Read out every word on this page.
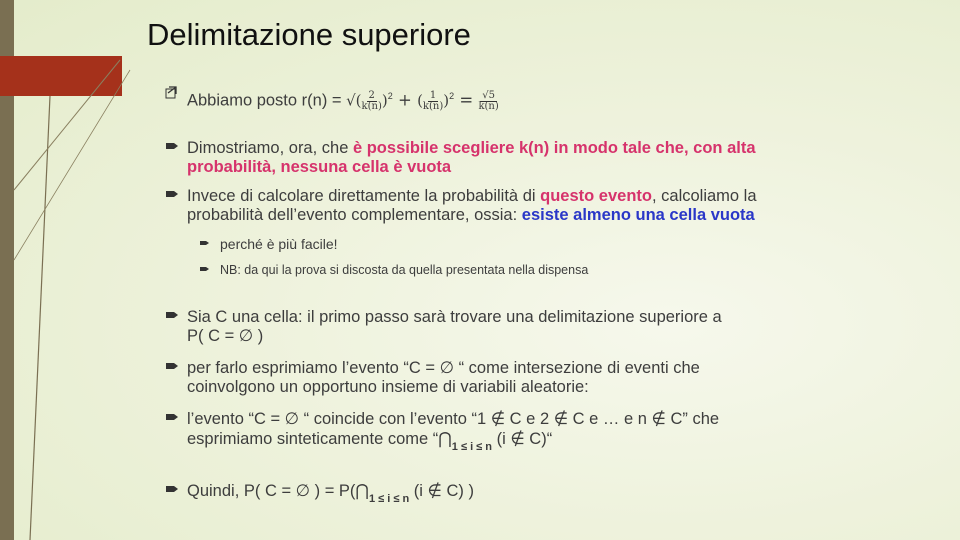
Delimitazione superiore
Abbiamo posto $r(n) = √(\frac{2}{k(n)})^2 + (\frac{1}{k(n)})^2 = \frac{√5}{k(n)}$
Dimostriamo, ora, che è possibile scegliere k(n) in modo tale che, con alta
probabilità, nessuna cella è vuota
Invece di calcolare direttamente la probabilità di questo evento, calcoliamo la
probabilità dell’evento complementare, ossia: esiste almeno una cella vuota
perché è più facile!
NB: da qui la prova si discosta da quella presentata nella dispensa
Sia C una cella: il primo passo sarà trovare una delimitazione superiore a
P( C = ∅ )
per farlo esprimiamo l’evento “C = ∅ “ come intersezione di eventi che
coinvolgono un opportuno insieme di variabili aleatorie:
l’evento “C = ∅ “ coincide con l’evento “1 ∉ C e 2 ∉ C e … e n ∉ C” che
esprimiamo sinteticamente come “$⋂_{1 \le i \le n}$ (i ∉ C)“
Quindi, P( C = ∅ ) = $P(⋂_{1 \le i \le n}$ (i ∉ C) )
